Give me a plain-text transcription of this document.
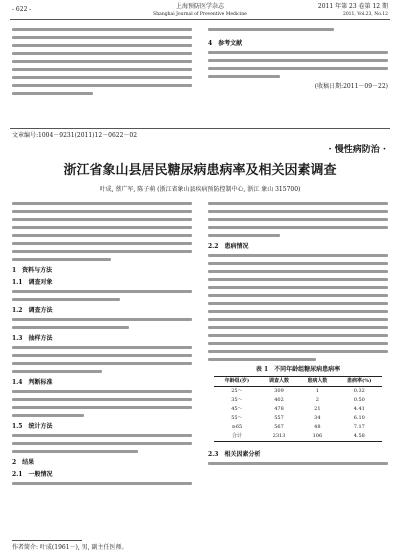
- 622 -	上海预防医学杂志
Shanghai Journal of Preventive Medicine
2011 年第 23 卷第 12 期
2011, Vol.23, No.12
4　参考文献
(收稿日期:2011－09－22)
文章编号:1004－9231(2011)12－0622－02
· 慢性病防治 ·
浙江省象山县居民糖尿病患病率及相关因素调查
叶成, 蔡广军, 陈子萌 (浙江省象山县疾病预防控制中心, 浙江 象山 315700)
1　资料与方法
1.1　调查对象
1.2　调查方法
1.3　抽样方法
1.4　判断标准
1.5　统计方法
2　结果
2.1　一般情况
2.2　患病情况
表 1　不同年龄组糖尿病患病率
年龄组(岁)	调查人数	患病人数	患病率(%)
25～	309	1	0.32
35～	402	2	0.50
45～	478	21	4.41
55～	557	34	6.10
≥65	567	48	7.17
合计	2313	106	4.58
2.3　相关因素分析
作者简介: 叶成(1961－), 男, 副主任医师。
